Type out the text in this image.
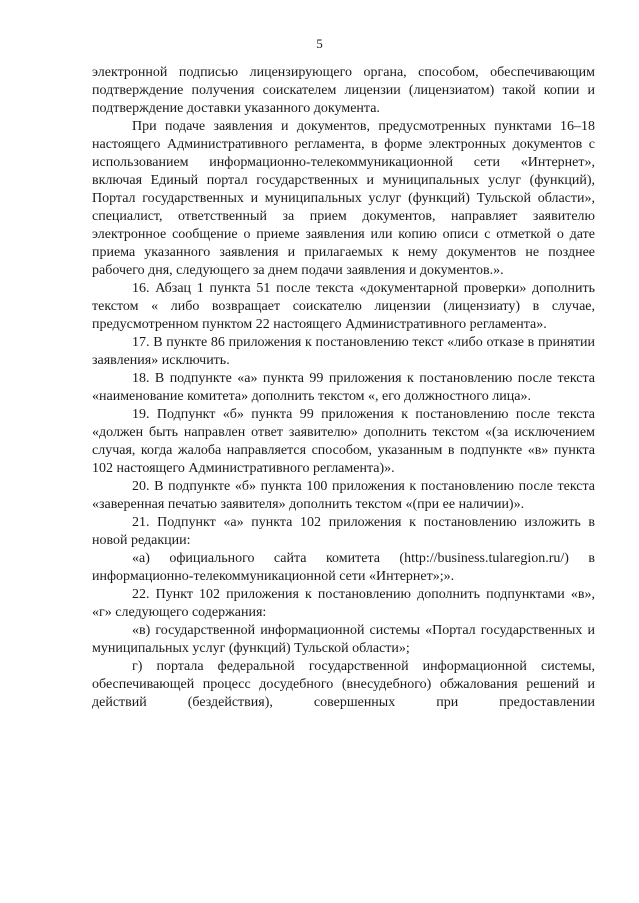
5

электронной подписью лицензирующего органа, способом, обеспечивающим подтверждение получения соискателем лицензии (лицензиатом) такой копии и подтверждение доставки указанного документа.

При подаче заявления и документов, предусмотренных пунктами 16–18 настоящего Административного регламента, в форме электронных документов с использованием информационно-телекоммуникационной сети «Интернет», включая Единый портал государственных и муниципальных услуг (функций), Портал государственных и муниципальных услуг (функций) Тульской области», специалист, ответственный за прием документов, направляет заявителю электронное сообщение о приеме заявления или копию описи с отметкой о дате приема указанного заявления и прилагаемых к нему документов не позднее рабочего дня, следующего за днем подачи заявления и документов.».

16. Абзац 1 пункта 51 после текста «документарной проверки» дополнить текстом « либо возвращает соискателю лицензии (лицензиату) в случае, предусмотренном пунктом 22 настоящего Административного регламента».

17. В пункте 86 приложения к постановлению текст «либо отказе в принятии заявления» исключить.

18. В подпункте «а» пункта 99 приложения к постановлению после текста «наименование комитета» дополнить текстом «, его должностного лица».

19. Подпункт «б» пункта 99 приложения к постановлению после текста «должен быть направлен ответ заявителю» дополнить текстом «(за исключением случая, когда жалоба направляется способом, указанным в подпункте «в» пункта 102 настоящего Административного регламента)».

20. В подпункте «б» пункта 100 приложения к постановлению после текста «заверенная печатью заявителя» дополнить текстом «(при ее наличии)».

21. Подпункт «а» пункта 102 приложения к постановлению изложить в новой редакции:

«а) официального сайта комитета (http://business.tularegion.ru/) в информационно-телекоммуникационной сети «Интернет»;».

22. Пункт 102 приложения к постановлению дополнить подпунктами «в», «г» следующего содержания:

«в) государственной информационной системы «Портал государственных и муниципальных услуг (функций) Тульской области»;

г) портала федеральной государственной информационной системы, обеспечивающей процесс досудебного (внесудебного) обжалования решений и действий (бездействия), совершенных при предоставлении
